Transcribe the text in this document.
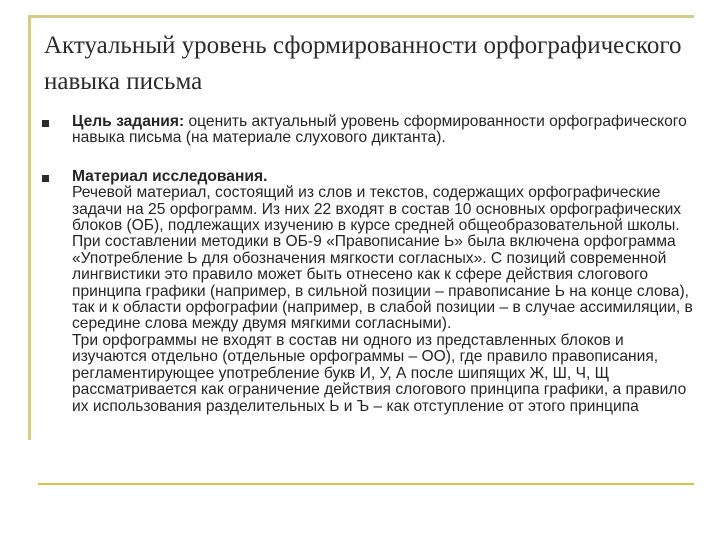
Актуальный уровень сформированности орфографического навыка письма
Цель задания: оценить актуальный уровень сформированности орфографического навыка письма (на материале слухового диктанта).
Материал исследования.
Речевой материал, состоящий из слов и текстов, содержащих орфографические задачи на 25 орфограмм. Из них 22 входят в состав 10 основных орфографических блоков (ОБ), подлежащих изучению в курсе средней общеобразовательной школы.
При составлении методики в ОБ-9 «Правописание Ь» была включена орфограмма «Употребление Ь для обозначения мягкости согласных». С позиций современной лингвистики это правило может быть отнесено как к сфере действия слогового принципа графики (например, в сильной позиции – правописание Ь на конце слова), так и к области орфографии (например, в слабой позиции – в случае ассимиляции, в середине слова между двумя мягкими согласными).
Три орфограммы не входят в состав ни одного из представленных блоков и изучаются отдельно (отдельные орфограммы – ОО), где правило правописания, регламентирующее употребление букв И, У, А после шипящих Ж, Ш, Ч, Щ рассматривается как ограничение действия слогового принципа графики, а правило их использования разделительных Ь и Ъ – как отступление от этого принципа
